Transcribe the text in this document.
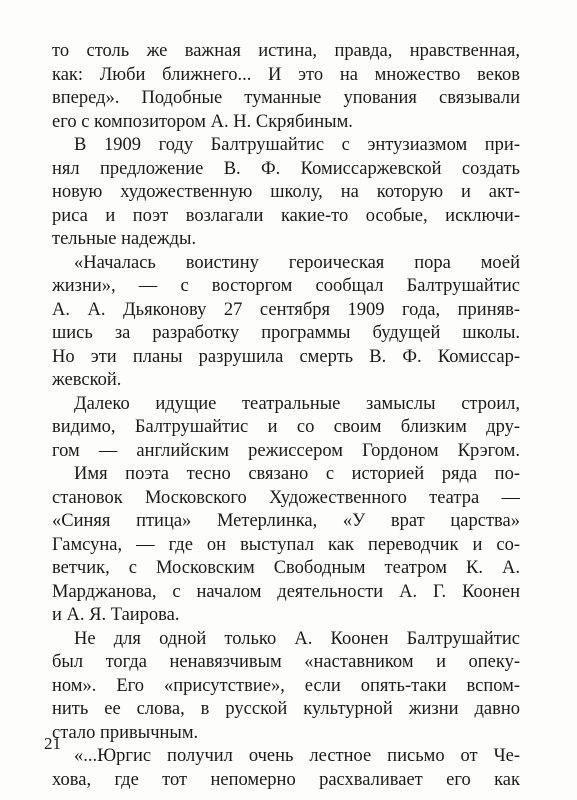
то столь же важная истина, правда, нравственная,
как: Люби ближнего... И это на множество веков
вперед». Подобные туманные упования связывали
его с композитором А. Н. Скрябиным.
В 1909 году Балтрушайтис с энтузиазмом при-
нял предложение В. Ф. Комиссаржевской создать
новую художественную школу, на которую и акт-
риса и поэт возлагали какие-то особые, исключи-
тельные надежды.
«Началась воистину героическая пора моей
жизни», — с восторгом сообщал Балтрушайтис
А. А. Дьяконову 27 сентября 1909 года, приняв-
шись за разработку программы будущей школы.
Но эти планы разрушила смерть В. Ф. Комиссар-
жевской.
Далеко идущие театральные замыслы строил,
видимо, Балтрушайтис и со своим близким дру-
гом — английским режиссером Гордоном Крэгом.
Имя поэта тесно связано с историей ряда по-
становок Московского Художественного театра —
«Синяя птица» Метерлинка, «У врат царства»
Гамсуна, — где он выступал как переводчик и со-
ветчик, с Московским Свободным театром К. А.
Марджанова, с началом деятельности А. Г. Коонен
и А. Я. Таирова.
Не для одной только А. Коонен Балтрушайтис
был тогда ненавязчивым «наставником и опеку-
ном». Его «присутствие», если опять-таки вспом-
нить ее слова, в русской культурной жизни давно
стало привычным.
«...Юргис получил очень лестное письмо от Че-
хова, где тот непомерно расхваливает его как
21
